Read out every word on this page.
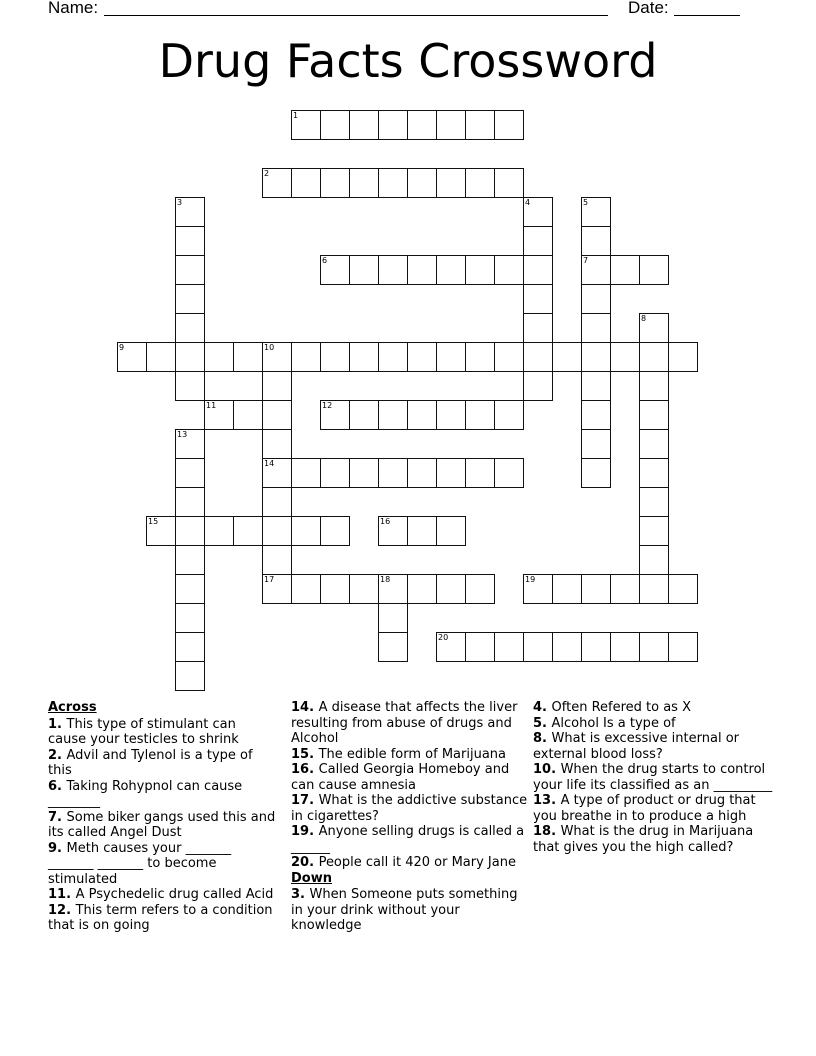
Name:	Date:
Drug Facts Crossword
1
2
3	4	5
7
6
8
9	10
14
11	12
13
15	16
17	18	19
20
Across
1. This type of stimulant can cause your testicles to shrink
2. Advil and Tylenol is a type of this
6. Taking Rohypnol can cause ________
7. Some biker gangs used this and its called Angel Dust
9. Meth causes your _______ _______ _______ to become stimulated
11. A Psychedelic drug called Acid
12. This term refers to a condition that is on going
14. A disease that affects the liver resulting from abuse of drugs and Alcohol
15. The edible form of Marijuana
16. Called Georgia Homeboy and can cause amnesia
17. What is the addictive substance in cigarettes?
19. Anyone selling drugs is called a ______
20. People call it 420 or Mary Jane
Down
3. When Someone puts something in your drink without your knowledge
4. Often Refered to as X
5. Alcohol Is a type of
8. What is excessive internal or external blood loss?
10. When the drug starts to control your life its classified as an _________
13. A type of product or drug that you breathe in to produce a high
18. What is the drug in Marijuana that gives you the high called?
